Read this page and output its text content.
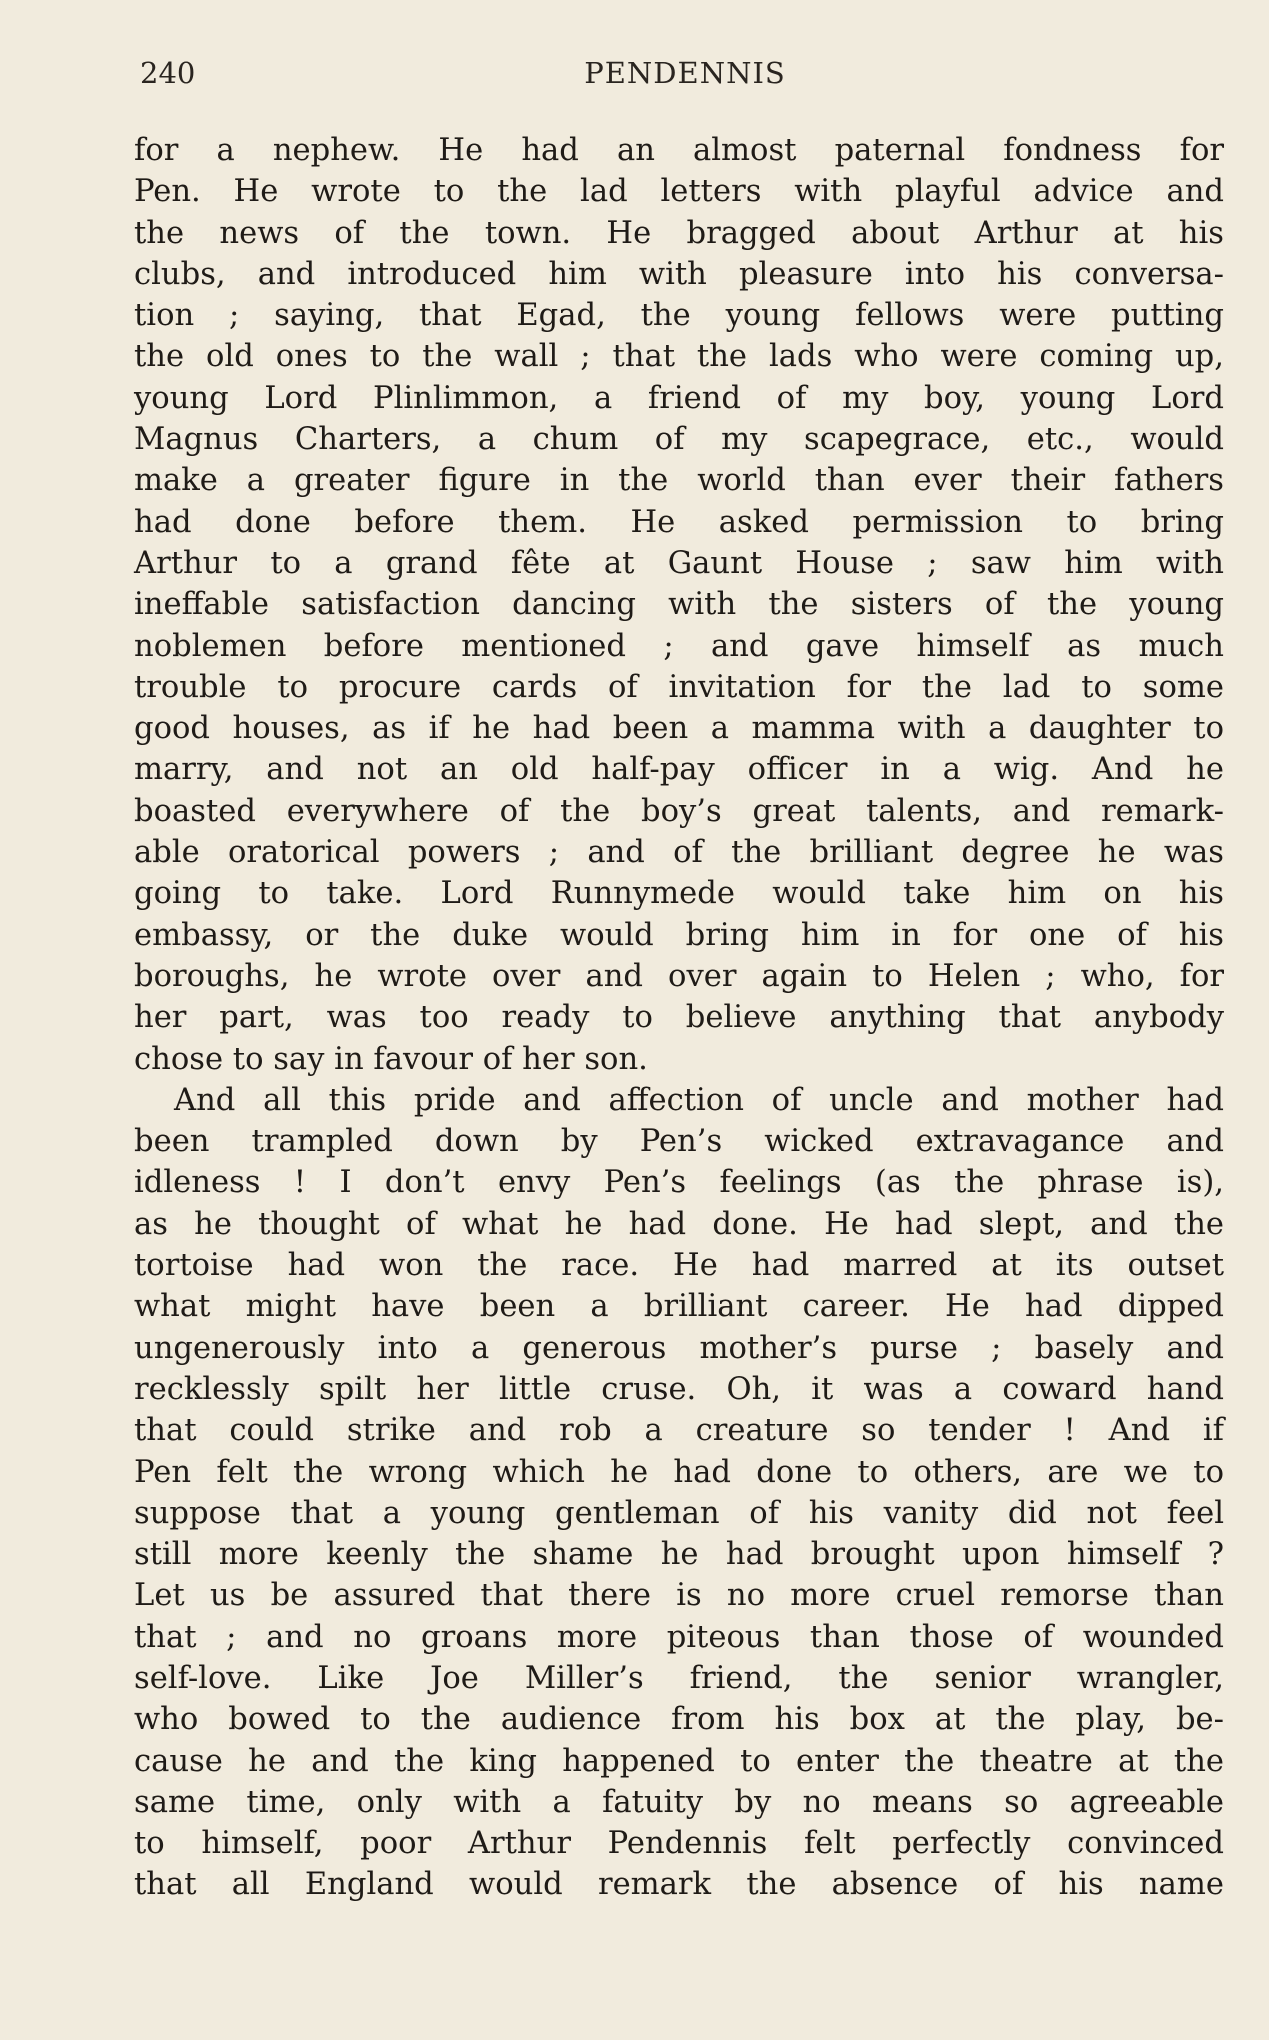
240	PENDENNIS
for a nephew. He had an almost paternal fondness for
Pen. He wrote to the lad letters with playful advice and
the news of the town. He bragged about Arthur at his
clubs, and introduced him with pleasure into his conversa-
tion ; saying, that Egad, the young fellows were putting
the old ones to the wall ; that the lads who were coming up,
young Lord Plinlimmon, a friend of my boy, young Lord
Magnus Charters, a chum of my scapegrace, etc., would
make a greater figure in the world than ever their fathers
had done before them. He asked permission to bring
Arthur to a grand fête at Gaunt House ; saw him with
ineffable satisfaction dancing with the sisters of the young
noblemen before mentioned ; and gave himself as much
trouble to procure cards of invitation for the lad to some
good houses, as if he had been a mamma with a daughter to
marry, and not an old half-pay officer in a wig. And he
boasted everywhere of the boy’s great talents, and remark-
able oratorical powers ; and of the brilliant degree he was
going to take. Lord Runnymede would take him on his
embassy, or the duke would bring him in for one of his
boroughs, he wrote over and over again to Helen ; who, for
her part, was too ready to believe anything that anybody
chose to say in favour of her son.
And all this pride and affection of uncle and mother had
been trampled down by Pen’s wicked extravagance and
idleness ! I don’t envy Pen’s feelings (as the phrase is),
as he thought of what he had done. He had slept, and the
tortoise had won the race. He had marred at its outset
what might have been a brilliant career. He had dipped
ungenerously into a generous mother’s purse ; basely and
recklessly spilt her little cruse. Oh, it was a coward hand
that could strike and rob a creature so tender ! And if
Pen felt the wrong which he had done to others, are we to
suppose that a young gentleman of his vanity did not feel
still more keenly the shame he had brought upon himself ?
Let us be assured that there is no more cruel remorse than
that ; and no groans more piteous than those of wounded
self-love. Like Joe Miller’s friend, the senior wrangler,
who bowed to the audience from his box at the play, be-
cause he and the king happened to enter the theatre at the
same time, only with a fatuity by no means so agreeable
to himself, poor Arthur Pendennis felt perfectly convinced
that all England would remark the absence of his name
